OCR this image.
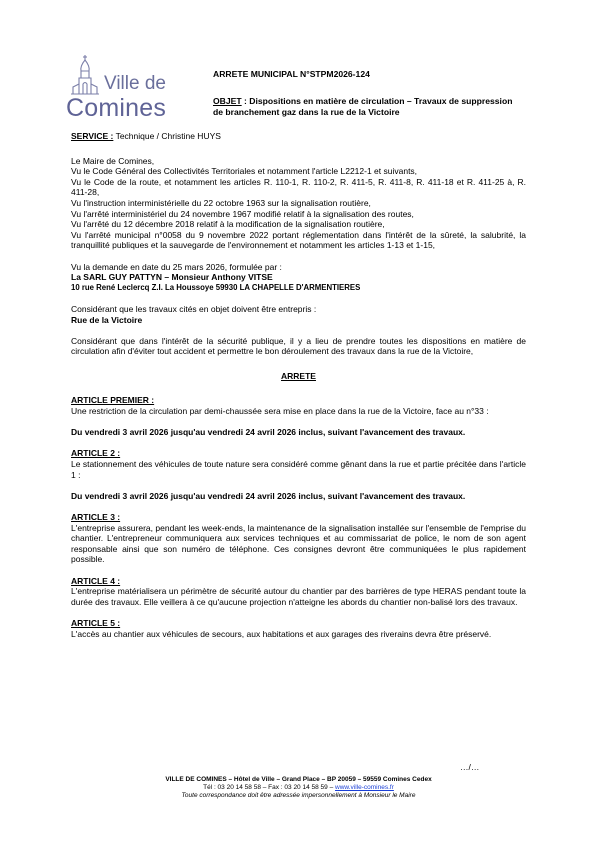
Ville de
Comines
ARRETE MUNICIPAL N°STPM2026-124
OBJET : Dispositions en matière de circulation – Travaux de suppression de branchement gaz dans la rue de la Victoire

SERVICE : Technique / Christine HUYS

Le Maire de Comines,

Vu le Code Général des Collectivités Territoriales et notamment l'article L2212-1 et suivants,

Vu le Code de la route, et notamment les articles R. 110-1, R. 110-2, R. 411-5, R. 411-8, R. 411-18 et R. 411-25 à, R. 411-28,

Vu l'instruction interministérielle du 22 octobre 1963 sur la signalisation routière,

Vu l'arrêté interministériel du 24 novembre 1967 modifié relatif à la signalisation des routes,

Vu l'arrêté du 12 décembre 2018 relatif à la modification de la signalisation routière,

Vu l'arrêté municipal n°0058 du 9 novembre 2022 portant réglementation dans l'intérêt de la sûreté, la salubrité, la tranquillité publiques et la sauvegarde de l'environnement et notamment les articles 1-13 et 1-15,

Vu la demande en date du 25 mars 2026, formulée par :

La SARL GUY PATTYN – Monsieur Anthony VITSE

10 rue René Leclercq Z.I. La Houssoye 59930 LA CHAPELLE D'ARMENTIERES

Considérant que les travaux cités en objet doivent être entrepris :

Rue de la Victoire

Considérant que dans l'intérêt de la sécurité publique, il y a lieu de prendre toutes les dispositions en matière de circulation afin d'éviter tout accident et permettre le bon déroulement des travaux dans la rue de la Victoire,

ARRETE

ARTICLE PREMIER :

Une restriction de la circulation par demi-chaussée sera mise en place dans la rue de la Victoire, face au n°33 :

Du vendredi 3 avril 2026 jusqu'au vendredi 24 avril 2026 inclus, suivant l'avancement des travaux.

ARTICLE 2 :

Le stationnement des véhicules de toute nature sera considéré comme gênant dans la rue et partie précitée dans l'article 1 :

Du vendredi 3 avril 2026 jusqu'au vendredi 24 avril 2026 inclus, suivant l'avancement des travaux.

ARTICLE 3 :

L'entreprise assurera, pendant les week-ends, la maintenance de la signalisation installée sur l'ensemble de l'emprise du chantier. L'entrepreneur communiquera aux services techniques et au commissariat de police, le nom de son agent responsable ainsi que son numéro de téléphone. Ces consignes devront être communiquées le plus rapidement possible.

ARTICLE 4 :

L'entreprise matérialisera un périmètre de sécurité autour du chantier par des barrières de type HERAS pendant toute la durée des travaux. Elle veillera à ce qu'aucune projection n'atteigne les abords du chantier non-balisé lors des travaux.

ARTICLE 5 :

L'accès au chantier aux véhicules de secours, aux habitations et aux garages des riverains devra être préservé.

…/…
VILLE DE COMINES – Hôtel de Ville – Grand Place – BP 20059 – 59559 Comines Cedex
Tél : 03 20 14 58 58 – Fax : 03 20 14 58 59 – www.ville-comines.fr
Toute correspondance doit être adressée impersonnellement à Monsieur le Maire
